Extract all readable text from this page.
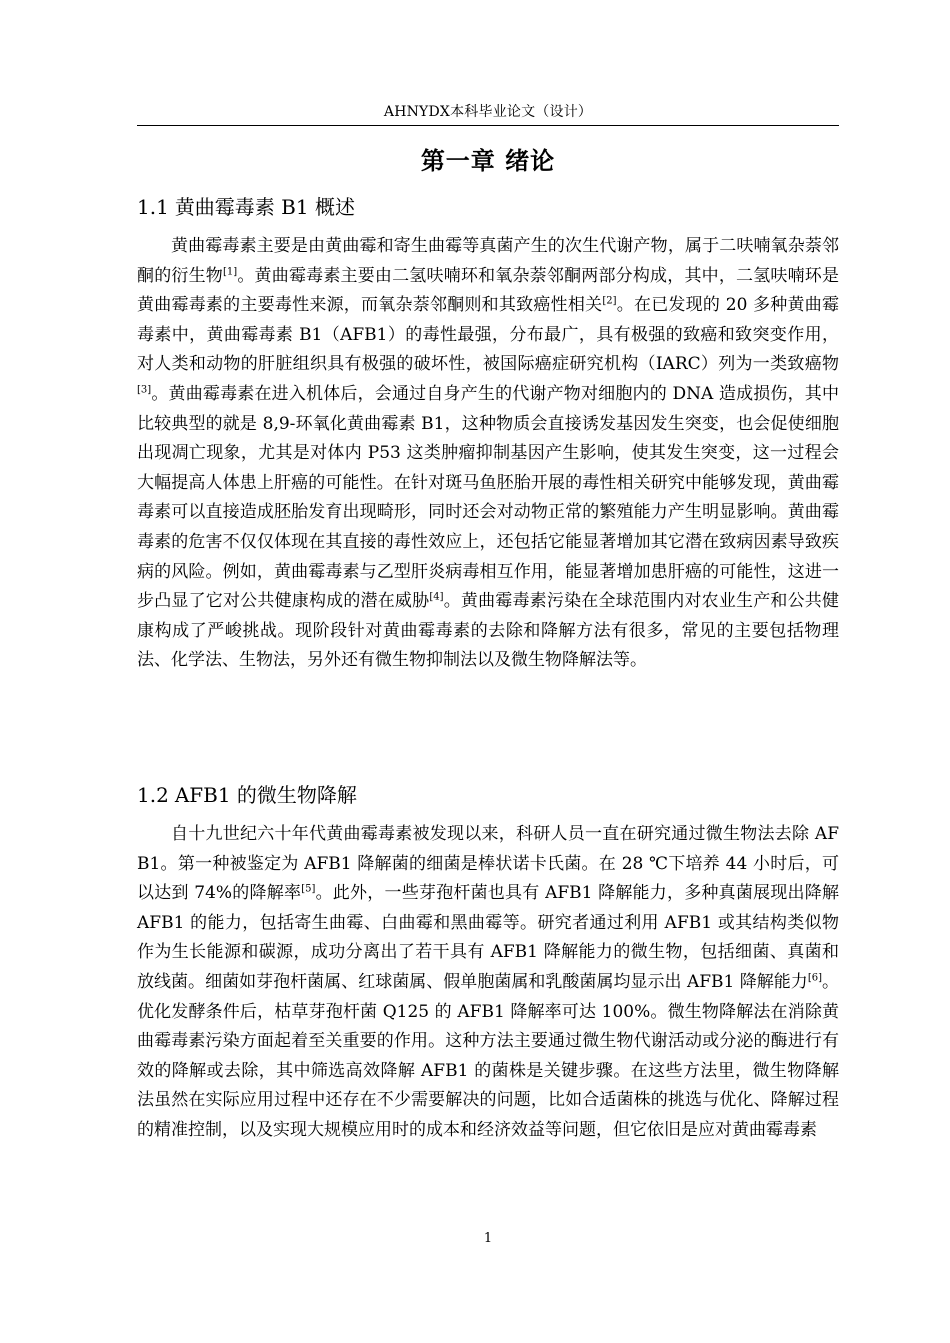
AHNYDX本科毕业论文（设计）
第一章 绪论
1.1 黄曲霉毒素 B1 概述

黄曲霉毒素主要是由黄曲霉和寄生曲霉等真菌产生的次生代谢产物，属于二呋喃氧杂萘邻酮的衍生物[1]。黄曲霉毒素主要由二氢呋喃环和氧杂萘邻酮两部分构成，其中，二氢呋喃环是黄曲霉毒素的主要毒性来源，而氧杂萘邻酮则和其致癌性相关[2]。在已发现的 20 多种黄曲霉毒素中，黄曲霉毒素 B1（AFB1）的毒性最强，分布最广，具有极强的致癌和致突变作用，对人类和动物的肝脏组织具有极强的破坏性，被国际癌症研究机构（IARC）列为一类致癌物[3]。黄曲霉毒素在进入机体后，会通过自身产生的代谢产物对细胞内的 DNA 造成损伤，其中比较典型的就是 8,9-环氧化黄曲霉素 B1，这种物质会直接诱发基因发生突变，也会促使细胞出现凋亡现象，尤其是对体内 P53 这类肿瘤抑制基因产生影响，使其发生突变，这一过程会大幅提高人体患上肝癌的可能性。在针对斑马鱼胚胎开展的毒性相关研究中能够发现，黄曲霉毒素可以直接造成胚胎发育出现畸形，同时还会对动物正常的繁殖能力产生明显影响。黄曲霉毒素的危害不仅仅体现在其直接的毒性效应上，还包括它能显著增加其它潜在致病因素导致疾病的风险。例如，黄曲霉毒素与乙型肝炎病毒相互作用，能显著增加患肝癌的可能性，这进一步凸显了它对公共健康构成的潜在威胁[4]。黄曲霉毒素污染在全球范围内对农业生产和公共健康构成了严峻挑战。现阶段针对黄曲霉毒素的去除和降解方法有很多，常见的主要包括物理法、化学法、生物法，另外还有微生物抑制法以及微生物降解法等。

1.2 AFB1 的微生物降解

自十九世纪六十年代黄曲霉毒素被发现以来，科研人员一直在研究通过微生物法去除 AFB1。第一种被鉴定为 AFB1 降解菌的细菌是棒状诺卡氏菌。在 28 ℃下培养 44 小时后，可以达到 74%的降解率[5]。此外，一些芽孢杆菌也具有 AFB1 降解能力，多种真菌展现出降解 AFB1 的能力，包括寄生曲霉、白曲霉和黑曲霉等。研究者通过利用 AFB1 或其结构类似物作为生长能源和碳源，成功分离出了若干具有 AFB1 降解能力的微生物，包括细菌、真菌和放线菌。细菌如芽孢杆菌属、红球菌属、假单胞菌属和乳酸菌属均显示出 AFB1 降解能力[6]。优化发酵条件后，枯草芽孢杆菌 Q125 的 AFB1 降解率可达 100%。微生物降解法在消除黄曲霉毒素污染方面起着至关重要的作用。这种方法主要通过微生物代谢活动或分泌的酶进行有效的降解或去除，其中筛选高效降解 AFB1 的菌株是关键步骤。在这些方法里，微生物降解法虽然在实际应用过程中还存在不少需要解决的问题，比如合适菌株的挑选与优化、降解过程的精准控制，以及实现大规模应用时的成本和经济效益等问题，但它依旧是应对黄曲霉毒素

1
